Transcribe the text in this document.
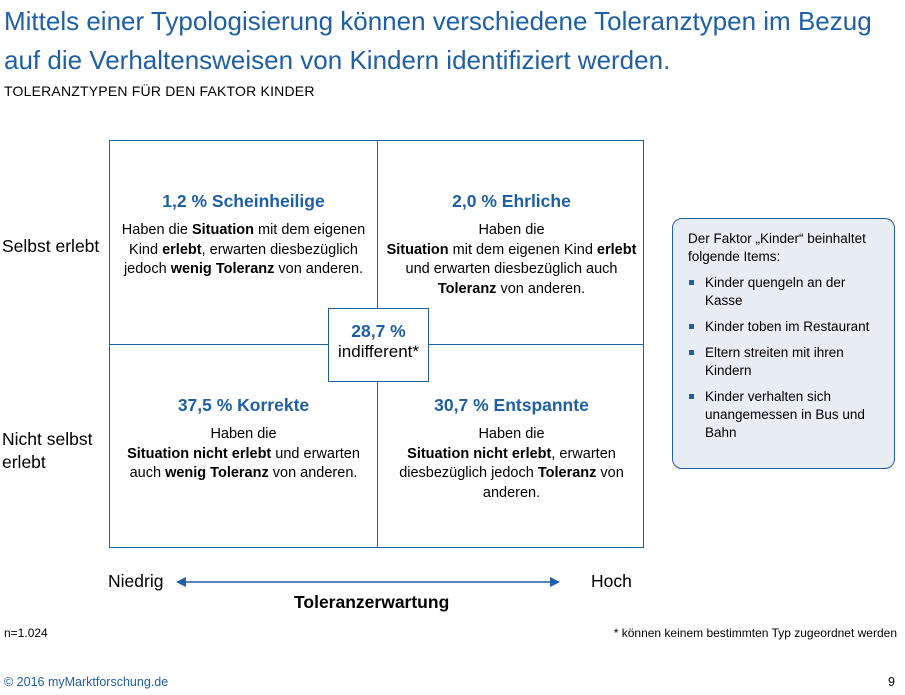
Mittels einer Typologisierung können verschiedene Toleranztypen im Bezug auf die Verhaltensweisen von Kindern identifiziert werden.
TOLERANZTYPEN FÜR DEN FAKTOR KINDER
Selbst erlebt
Nicht selbst erlebt
1,2 % Scheinheilige
Haben die Situation mit dem eigenen Kind erlebt, erwarten diesbezüglich jedoch wenig Toleranz von anderen.
2,0 % Ehrliche
Haben die
Situation mit dem eigenen Kind erlebt und erwarten diesbezüglich auch Toleranz von anderen.
37,5 % Korrekte
Haben die
Situation nicht erlebt und erwarten auch wenig Toleranz von anderen.
30,7 % Entspannte
Haben die
Situation nicht erlebt, erwarten diesbezüglich jedoch Toleranz von anderen.
28,7 %
indifferent*
Niedrig	Hoch
Toleranzerwartung
Der Faktor „Kinder“ beinhaltet folgende Items:
Kinder quengeln an der Kasse
Kinder toben im Restaurant
Eltern streiten mit ihren Kindern
Kinder verhalten sich unangemessen in Bus und Bahn
n=1.024	* können keinem bestimmten Typ zugeordnet werden
© 2016 myMarktforschung.de	9
